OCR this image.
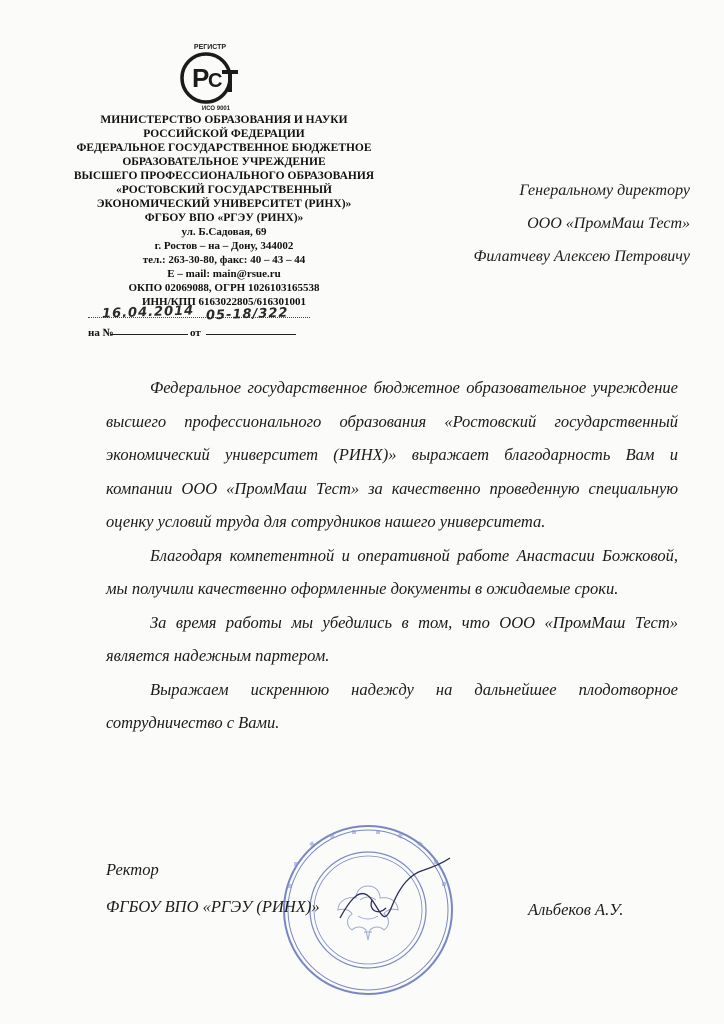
РЕГИСТР
Р
С
ИСО 9001
МИНИСТЕРСТВО ОБРАЗОВАНИЯ И НАУКИ
РОССИЙСКОЙ ФЕДЕРАЦИИ
ФЕДЕРАЛЬНОЕ ГОСУДАРСТВЕННОЕ БЮДЖЕТНОЕ
ОБРАЗОВАТЕЛЬНОЕ УЧРЕЖДЕНИЕ
ВЫСШЕГО ПРОФЕССИОНАЛЬНОГО ОБРАЗОВАНИЯ
«РОСТОВСКИЙ ГОСУДАРСТВЕННЫЙ
ЭКОНОМИЧЕСКИЙ УНИВЕРСИТЕТ (РИНХ)»
ФГБОУ ВПО «РГЭУ (РИНХ)»
ул. Б.Садовая, 69
г. Ростов – на – Дону, 344002
тел.: 263-30-80, факс: 40 – 43 – 44
E – mail: main@rsue.ru
ОКПО 02069088, ОГРН 1026103165538
ИНН/КПП 6163022805/616301001
16.04.2014 05-18/322
на №	от
Генеральному директору
ООО «ПромМаш Тест»
Филатчеву Алексею Петровичу

Федеральное государственное бюджетное образовательное учреждение высшего профессионального образования «Ростовский государственный экономический университет (РИНХ)» выражает благодарность Вам и компании ООО «ПромМаш Тест» за качественно проведенную специальную оценку условий труда для сотрудников нашего университета.

Благодаря компетентной и оперативной работе Анастасии Божковой, мы получили качественно оформленные документы в ожидаемые сроки.

За время работы мы убедились в том, что ООО «ПромМаш Тест» является надежным партером.

Выражаем искреннюю надежду на дальнейшее плодотворное сотрудничество с Вами.

Ректор
ФГБОУ ВПО «РГЭУ (РИНХ)»	Альбеков А.У.
